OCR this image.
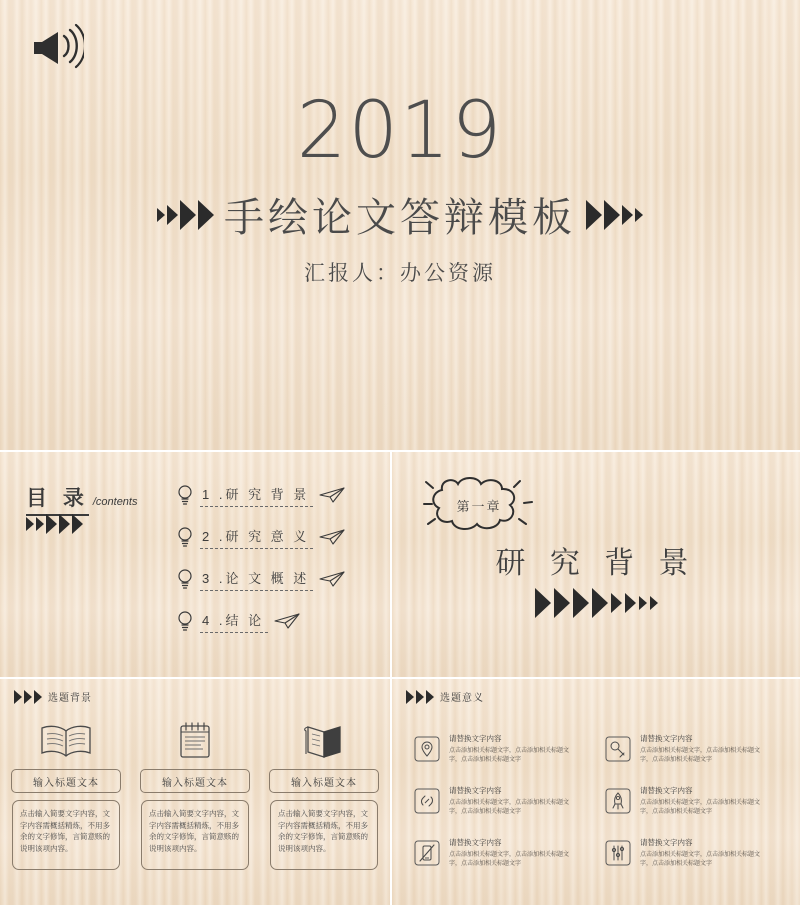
2019
手绘论文答辩模板
汇报人：办公资源
目 录 /contents
1 .研 究 背 景
2 .研 究 意 义
3 .论 文 概 述
4 .结 论
第一章
研 究 背 景
选题背景
输入标题文本
点击输入简要文字内容，文字内容需概括精炼，不用多余的文字修饰，言简意赅的说明该项内容。
输入标题文本
点击输入简要文字内容，文字内容需概括精炼，不用多余的文字修饰，言简意赅的说明该项内容。
输入标题文本
点击输入简要文字内容，文字内容需概括精炼，不用多余的文字修饰，言简意赅的说明该项内容。
选题意义
请替换文字内容
点击添加相关标题文字，点击添加相关标题文字，点击添加相关标题文字
请替换文字内容
点击添加相关标题文字，点击添加相关标题文字，点击添加相关标题文字
请替换文字内容
点击添加相关标题文字，点击添加相关标题文字，点击添加相关标题文字
请替换文字内容
点击添加相关标题文字，点击添加相关标题文字，点击添加相关标题文字
请替换文字内容
点击添加相关标题文字，点击添加相关标题文字，点击添加相关标题文字
请替换文字内容
点击添加相关标题文字，点击添加相关标题文字，点击添加相关标题文字
